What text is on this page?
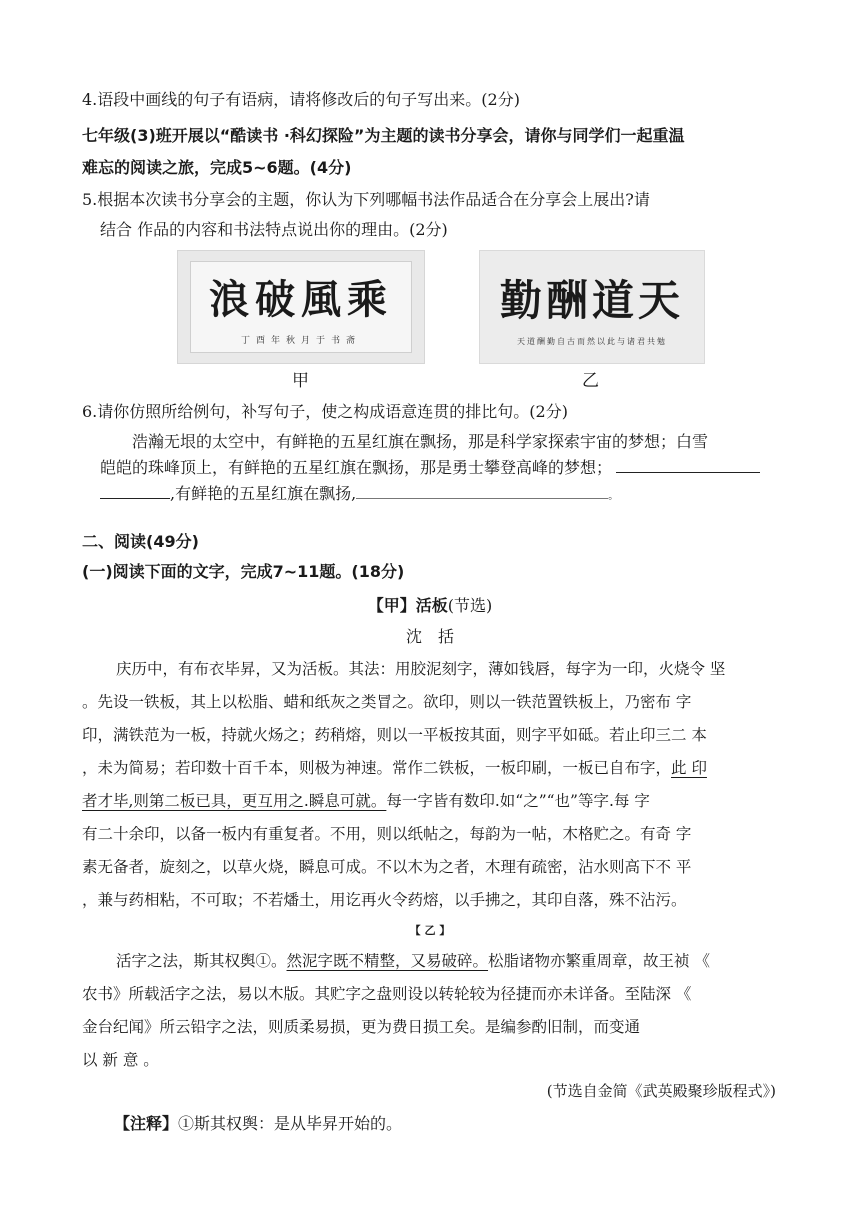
4.语段中画线的句子有语病，请将修改后的句子写出来。(2分)
七年级(3)班开展以“酷读书 ·科幻探险”为主题的读书分享会，请你与同学们一起重温
难忘的阅读之旅，完成5~6题。(4分)
5.根据本次读书分享会的主题，你认为下列哪幅书法作品适合在分享会上展出?请
结合 作品的内容和书法特点说出你的理由。(2分)
乘風破浪
丁酉年秋月于书斋
甲
天道酬勤
天道酬勤自古而然以此与诸君共勉
乙
6.请你仿照所给例句，补写句子，使之构成语意连贯的排比句。(2分)
浩瀚无垠的太空中，有鲜艳的五星红旗在飘扬，那是科学家探索宇宙的梦想；白雪
皑皑的珠峰顶上，有鲜艳的五星红旗在飘扬，那是勇士攀登高峰的梦想；
,有鲜艳的五星红旗在飘扬,	。
二、阅读(49分)
(一)阅读下面的文字，完成7~11题。(18分)
【甲】活板(节选)
沈　括
庆历中，有布衣毕昇，又为活板。其法：用胶泥刻字，薄如钱唇，每字为一印，火烧令 坚
。先设一铁板，其上以松脂、蜡和纸灰之类冒之。欲印，则以一铁范置铁板上，乃密布 字
印，满铁范为一板，持就火炀之；药稍熔，则以一平板按其面，则字平如砥。若止印三二 本
，未为简易；若印数十百千本，则极为神速。常作二铁板，一板印刷，一板已自布字，此 印
者才毕,则第二板已具，更互用之.瞬息可就。每一字皆有数印.如“之”“也”等字.每 字
有二十余印，以备一板内有重复者。不用，则以纸帖之，每韵为一帖，木格贮之。有奇 字
素无备者，旋刻之，以草火烧，瞬息可成。不以木为之者，木理有疏密，沾水则高下不 平
，兼与药相粘，不可取；不若燔土，用讫再火令药熔，以手拂之，其印自落，殊不沾污。
【 乙 】
活字之法，斯其权舆①。然泥字既不精整，又易破碎。松脂诸物亦繁重周章，故王祯 《
农书》所载活字之法，易以木版。其贮字之盘则设以转轮较为径捷而亦未详备。至陆深 《
金台纪闻》所云铅字之法，则质柔易损，更为费日损工矣。是编参酌旧制，而变通
以 新 意 。
(节选自金简《武英殿聚珍版程式》)
【注释】①斯其权舆：是从毕昇开始的。
